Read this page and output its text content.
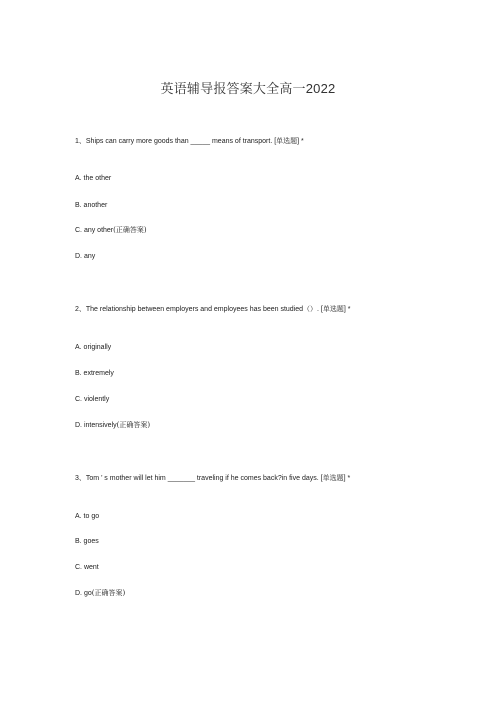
英语辅导报答案大全高一2022
1、Ships can carry more goods than _____ means of transport. [单选题] *
A. the other
B. another
C. any other(正确答案)
D. any
2、The relationship between employers and employees has been studied（）. [单选题] *
A. originally
B. extremely
C. violently
D. intensively(正确答案)
3、Tom ’ s mother will let him _______ traveling if he comes back?in five days. [单选题] *
A. to go
B. goes
C. went
D. go(正确答案)
